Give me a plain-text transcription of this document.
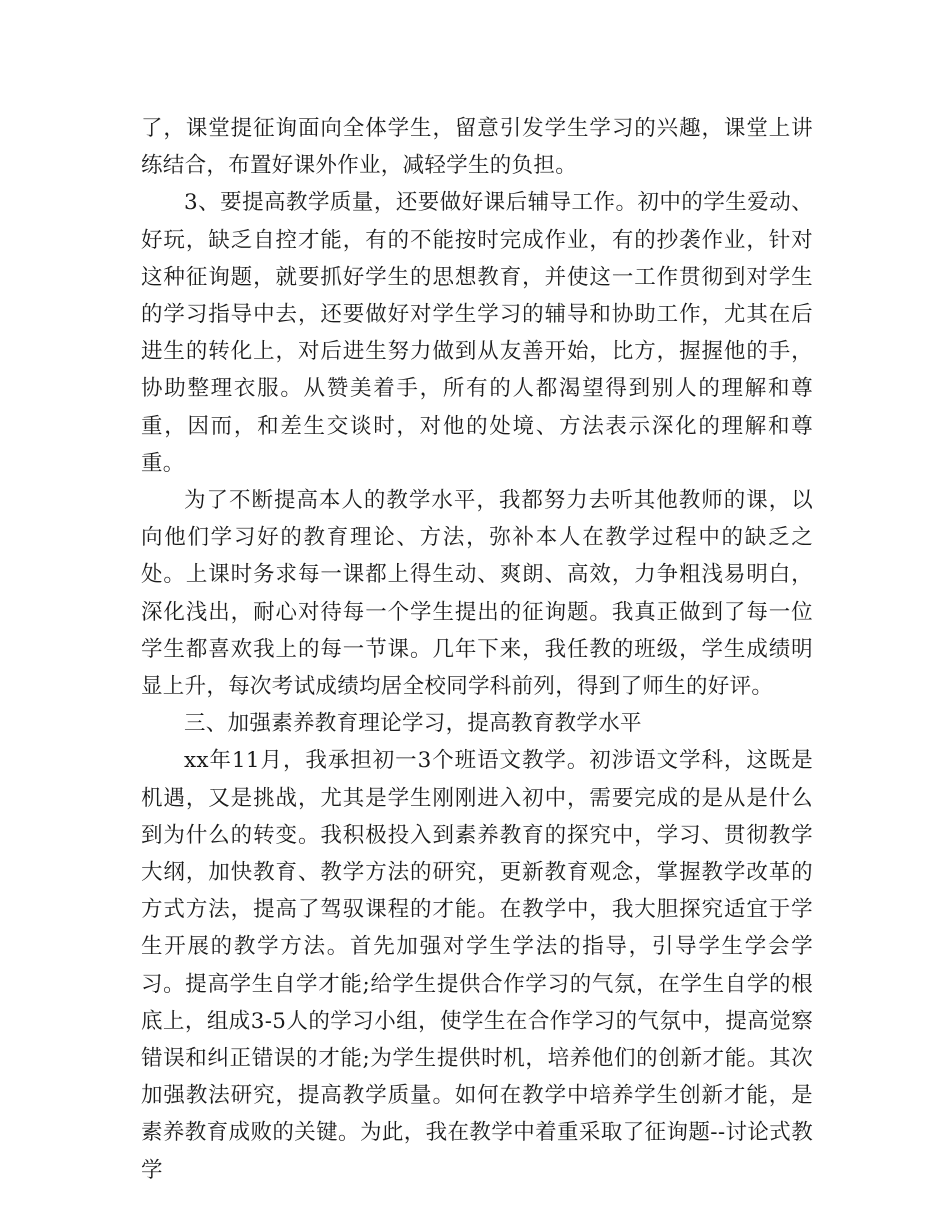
了，课堂提征询面向全体学生，留意引发学生学习的兴趣，课堂上讲练结合，布置好课外作业，减轻学生的负担。

3、要提高教学质量，还要做好课后辅导工作。初中的学生爱动、好玩，缺乏自控才能，有的不能按时完成作业，有的抄袭作业，针对这种征询题，就要抓好学生的思想教育，并使这一工作贯彻到对学生的学习指导中去，还要做好对学生学习的辅导和协助工作，尤其在后进生的转化上，对后进生努力做到从友善开始，比方，握握他的手，协助整理衣服。从赞美着手，所有的人都渴望得到别人的理解和尊重，因而，和差生交谈时，对他的处境、方法表示深化的理解和尊重。

为了不断提高本人的教学水平，我都努力去听其他教师的课，以向他们学习好的教育理论、方法，弥补本人在教学过程中的缺乏之处。上课时务求每一课都上得生动、爽朗、高效，力争粗浅易明白，深化浅出，耐心对待每一个学生提出的征询题。我真正做到了每一位学生都喜欢我上的每一节课。几年下来，我任教的班级，学生成绩明显上升，每次考试成绩均居全校同学科前列，得到了师生的好评。

三、加强素养教育理论学习，提高教育教学水平

xx年11月，我承担初一3个班语文教学。初涉语文学科，这既是机遇，又是挑战，尤其是学生刚刚进入初中，需要完成的是从是什么到为什么的转变。我积极投入到素养教育的探究中，学习、贯彻教学大纲，加快教育、教学方法的研究，更新教育观念，掌握教学改革的方式方法，提高了驾驭课程的才能。在教学中，我大胆探究适宜于学生开展的教学方法。首先加强对学生学法的指导，引导学生学会学习。提高学生自学才能;给学生提供合作学习的气氛，在学生自学的根底上，组成3-5人的学习小组，使学生在合作学习的气氛中，提高觉察错误和纠正错误的才能;为学生提供时机，培养他们的创新才能。其次加强教法研究，提高教学质量。如何在教学中培养学生创新才能，是素养教育成败的关键。为此，我在教学中着重采取了征询题--讨论式教学
